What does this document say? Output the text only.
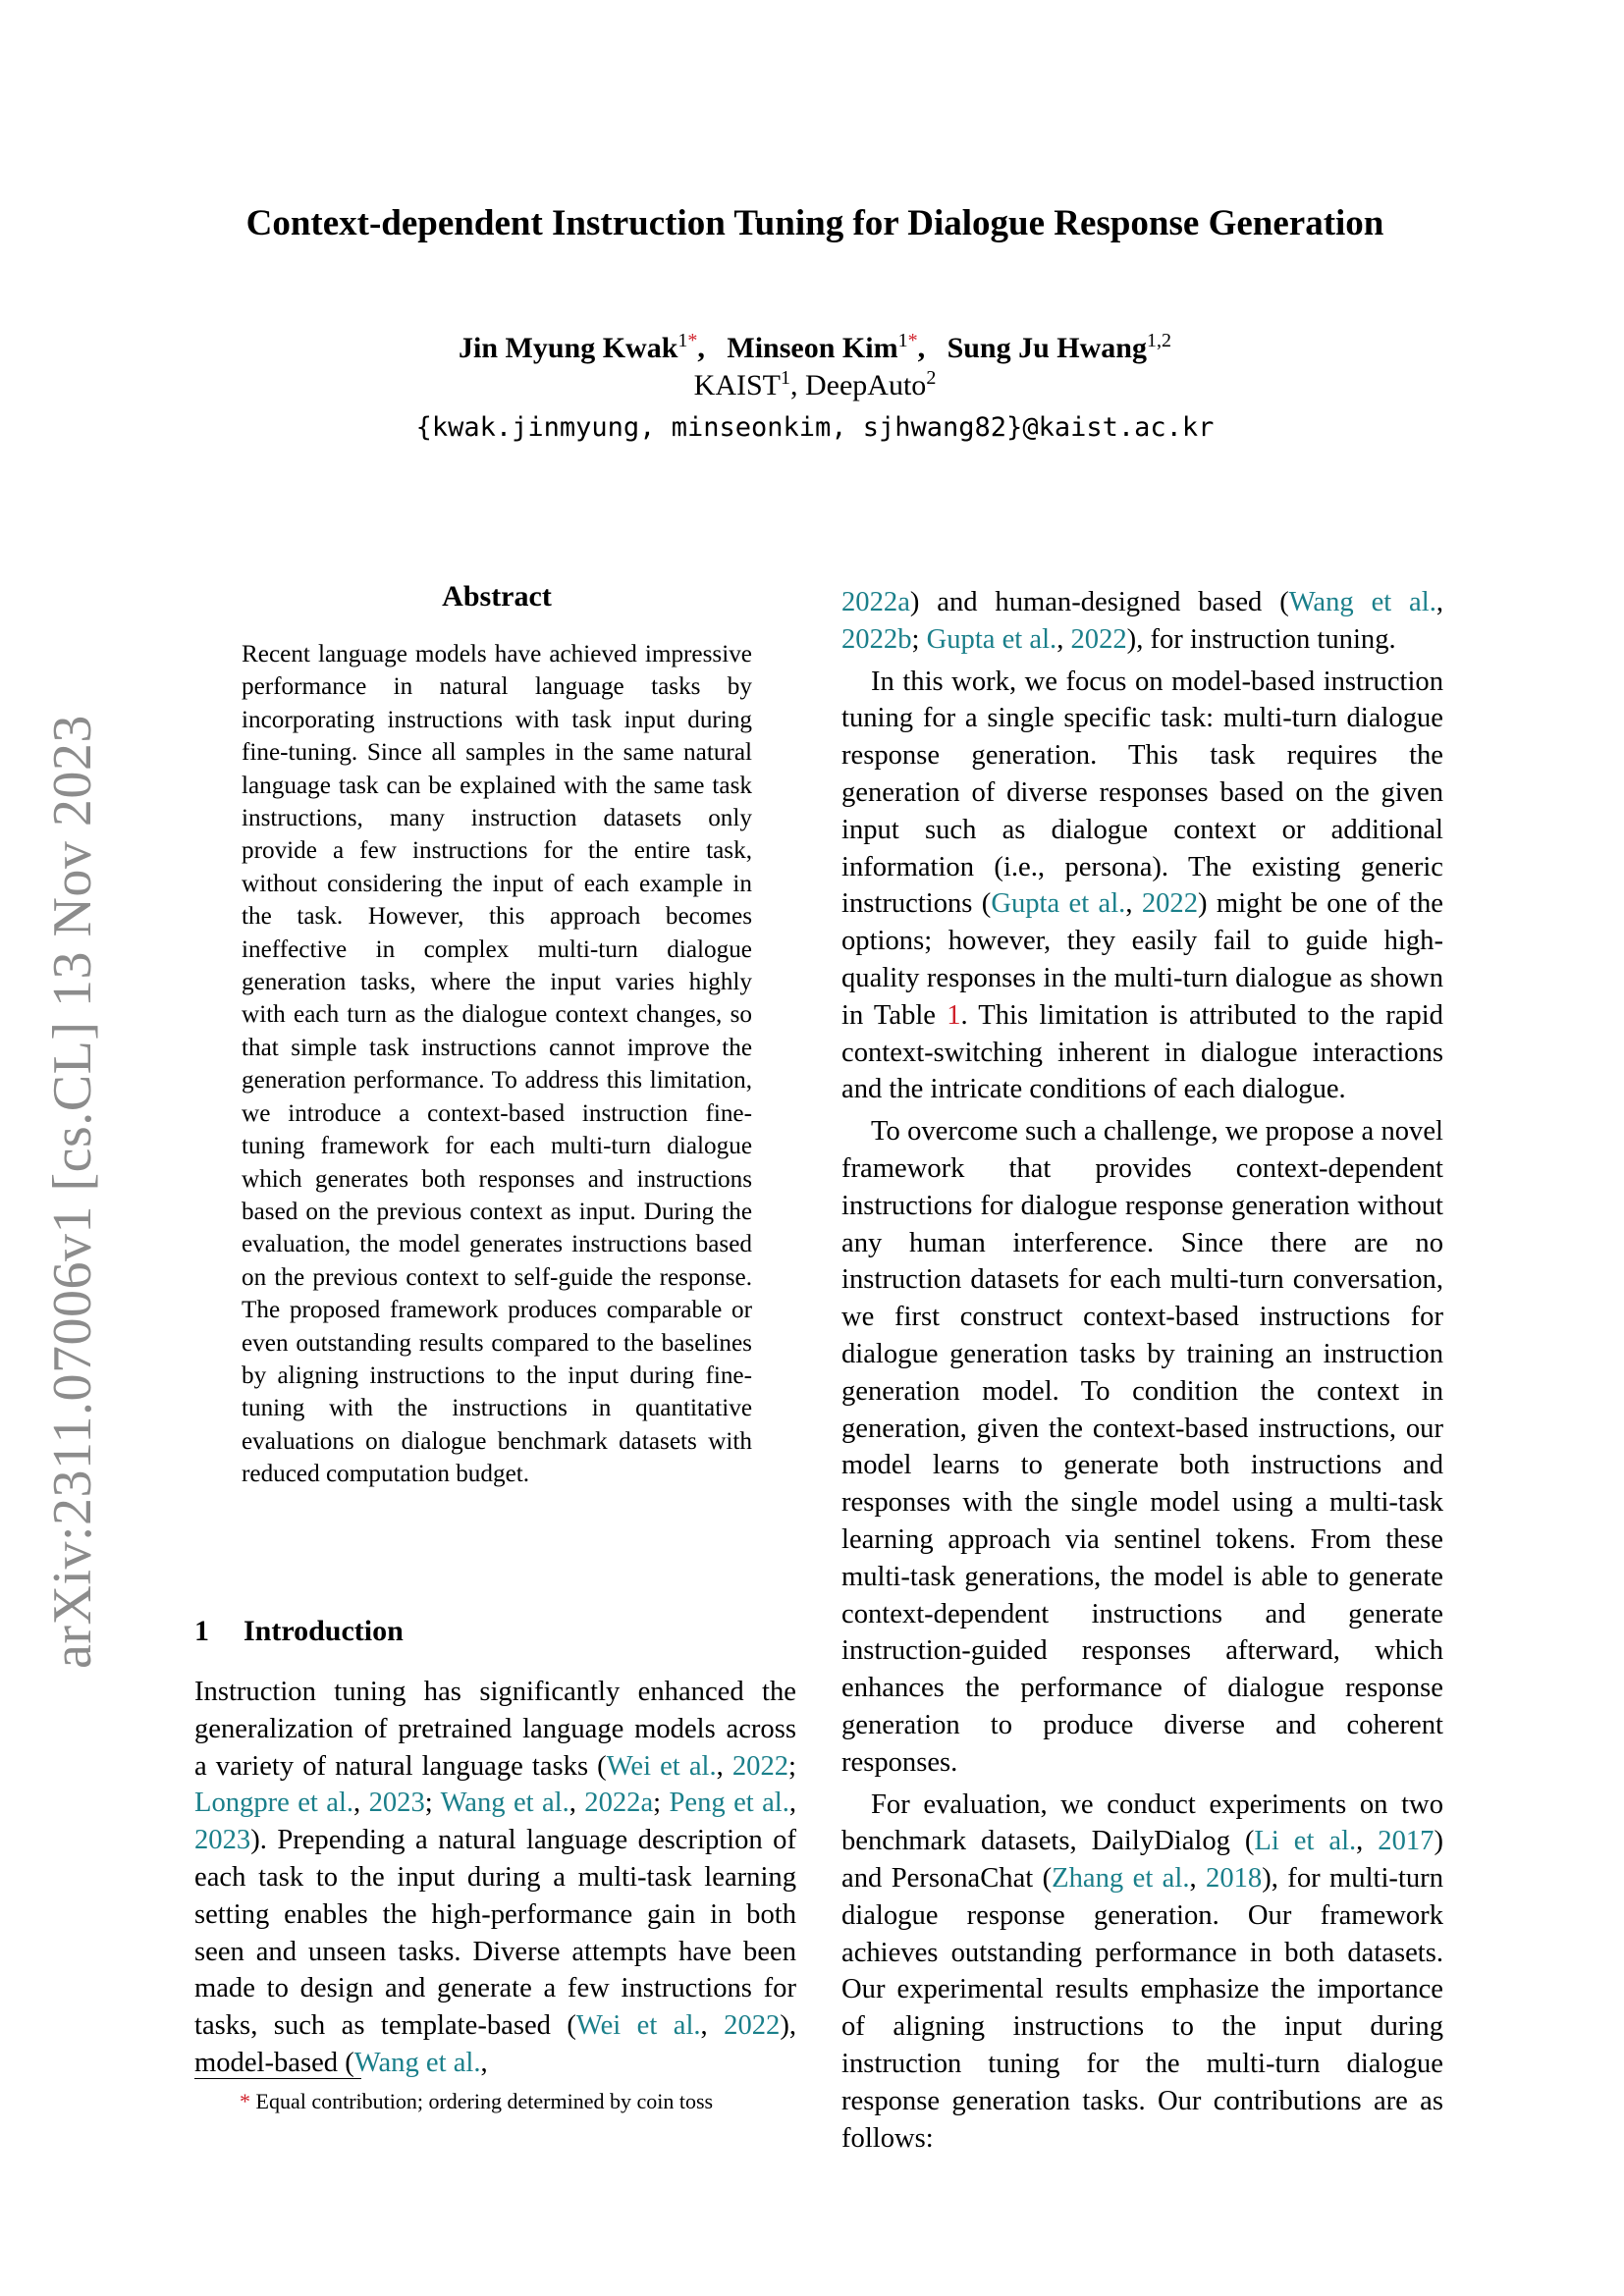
arXiv:2311.07006v1 [cs.CL] 13 Nov 2023
Context-dependent Instruction Tuning for Dialogue Response Generation
Jin Myung Kwak$^{1*}$,   Minseon Kim$^{1*}$,   Sung Ju Hwang$^{1,2}$
KAIST$^1$, DeepAuto$^2$
{kwak.jinmyung, minseonkim, sjhwang82}@kaist.ac.kr
Abstract
Recent language models have achieved impressive performance in natural language tasks by incorporating instructions with task input during fine-tuning. Since all samples in the same natural language task can be explained with the same task instructions, many instruction datasets only provide a few instructions for the entire task, without considering the input of each example in the task. However, this approach becomes ineffective in complex multi-turn dialogue generation tasks, where the input varies highly with each turn as the dialogue context changes, so that simple task instructions cannot improve the generation performance. To address this limitation, we introduce a context-based instruction fine-tuning framework for each multi-turn dialogue which generates both responses and instructions based on the previous context as input. During the evaluation, the model generates instructions based on the previous context to self-guide the response. The proposed framework produces comparable or even outstanding results compared to the baselines by aligning instructions to the input during fine-tuning with the instructions in quantitative evaluations on dialogue benchmark datasets with reduced computation budget.
1 Introduction
Instruction tuning has significantly enhanced the generalization of pretrained language models across a variety of natural language tasks (Wei et al., 2022; Longpre et al., 2023; Wang et al., 2022a; Peng et al., 2023). Prepending a natural language description of each task to the input during a multi-task learning setting enables the high-performance gain in both seen and unseen tasks. Diverse attempts have been made to design and generate a few instructions for tasks, such as template-based (Wei et al., 2022), model-based (Wang et al.,
* Equal contribution; ordering determined by coin toss

2022a) and human-designed based (Wang et al., 2022b; Gupta et al., 2022), for instruction tuning.

In this work, we focus on model-based instruction tuning for a single specific task: multi-turn dialogue response generation. This task requires the generation of diverse responses based on the given input such as dialogue context or additional information (i.e., persona). The existing generic instructions (Gupta et al., 2022) might be one of the options; however, they easily fail to guide high-quality responses in the multi-turn dialogue as shown in Table 1. This limitation is attributed to the rapid context-switching inherent in dialogue interactions and the intricate conditions of each dialogue.

To overcome such a challenge, we propose a novel framework that provides context-dependent instructions for dialogue response generation without any human interference. Since there are no instruction datasets for each multi-turn conversation, we first construct context-based instructions for dialogue generation tasks by training an instruction generation model. To condition the context in generation, given the context-based instructions, our model learns to generate both instructions and responses with the single model using a multi-task learning approach via sentinel tokens. From these multi-task generations, the model is able to generate context-dependent instructions and generate instruction-guided responses afterward, which enhances the performance of dialogue response generation to produce diverse and coherent responses.

For evaluation, we conduct experiments on two benchmark datasets, DailyDialog (Li et al., 2017) and PersonaChat (Zhang et al., 2018), for multi-turn dialogue response generation. Our framework achieves outstanding performance in both datasets. Our experimental results emphasize the importance of aligning instructions to the input during instruction tuning for the multi-turn dialogue response generation tasks. Our contributions are as follows:
